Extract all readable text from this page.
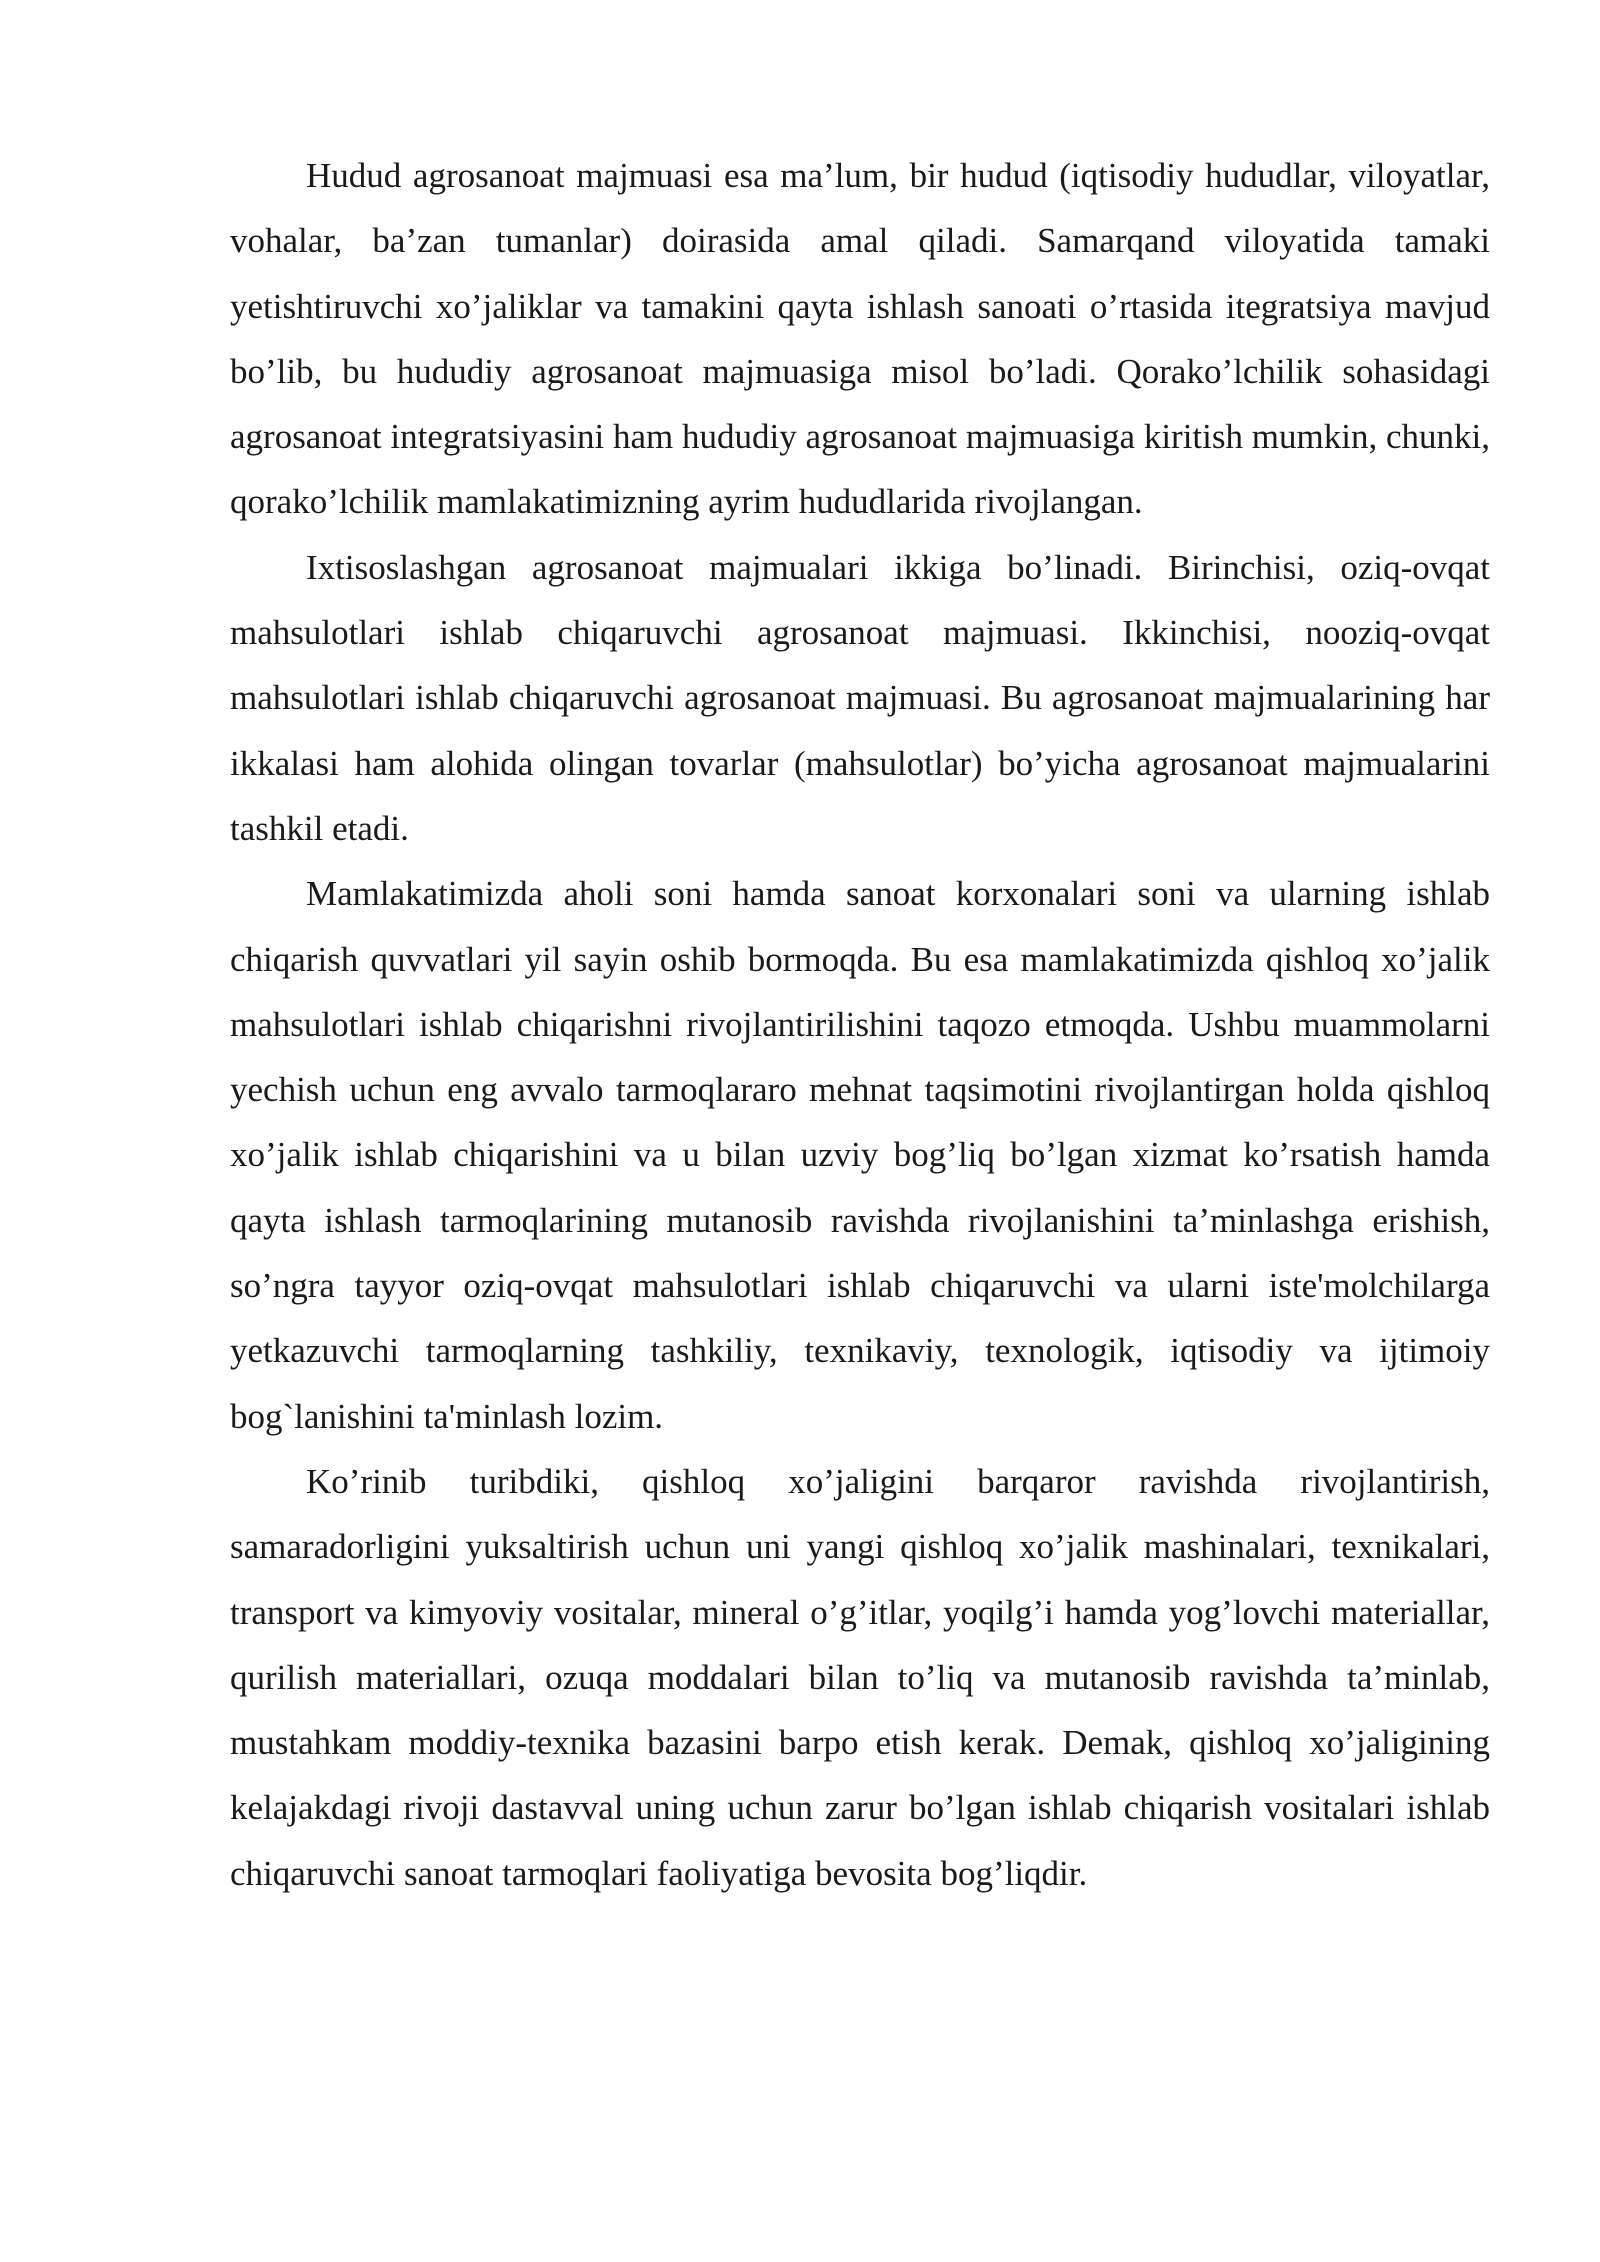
Hudud agrosanoat majmuasi esa ma’lum, bir hudud (iqtisodiy hududlar, viloyatlar, vohalar, ba’zan tumanlar) doirasida amal qiladi. Samarqand viloyatida tamaki yetishtiruvchi xo’jaliklar va tamakini qayta ishlash sanoati o’rtasida itegratsiya mavjud bo’lib, bu hududiy agrosanoat majmuasiga misol bo’ladi. Qorako’lchilik sohasidagi agrosanoat integratsiyasini ham hududiy agrosanoat majmuasiga kiritish mumkin, chunki, qorako’lchilik mamlakatimizning ayrim hududlarida rivojlangan.

Ixtisoslashgan agrosanoat majmualari ikkiga bo’linadi. Birinchisi, oziq-ovqat mahsulotlari ishlab chiqaruvchi agrosanoat majmuasi. Ikkinchisi, nooziq-ovqat mahsulotlari ishlab chiqaruvchi agrosanoat majmuasi. Bu agrosanoat majmualarining har ikkalasi ham alohida olingan tovarlar (mahsulotlar) bo’yicha agrosanoat majmualarini tashkil etadi.

Mamlakatimizda aholi soni hamda sanoat korxonalari soni va ularning ishlab chiqarish quvvatlari yil sayin oshib bormoqda. Bu esa mamlakatimizda qishloq xo’jalik mahsulotlari ishlab chiqarishni rivojlantirilishini taqozo etmoqda. Ushbu muammolarni yechish uchun eng avvalo tarmoqlararo mehnat taqsimotini rivojlantirgan holda qishloq xo’jalik ishlab chiqarishini va u bilan uzviy bog’liq bo’lgan xizmat ko’rsatish hamda qayta ishlash tarmoqlarining mutanosib ravishda rivojlanishini ta’minlashga erishish, so’ngra tayyor oziq-ovqat mahsulotlari ishlab chiqaruvchi va ularni iste'molchilarga yetkazuvchi tarmoqlarning tashkiliy, texnikaviy, texnologik, iqtisodiy va ijtimoiy bog`lanishini ta'minlash lozim.

Ko’rinib turibdiki, qishloq xo’jaligini barqaror ravishda rivojlantirish, samaradorligini yuksaltirish uchun uni yangi qishloq xo’jalik mashinalari, texnikalari, transport va kimyoviy vositalar, mineral o’g’itlar, yoqilg’i hamda yog’lovchi materiallar, qurilish materiallari, ozuqa moddalari bilan to’liq va mutanosib ravishda ta’minlab, mustahkam moddiy-texnika bazasini barpo etish kerak. Demak, qishloq xo’jaligining kelajakdagi rivoji dastavval uning uchun zarur bo’lgan ishlab chiqarish vositalari ishlab chiqaruvchi sanoat tarmoqlari faoliyatiga bevosita bog’liqdir.
